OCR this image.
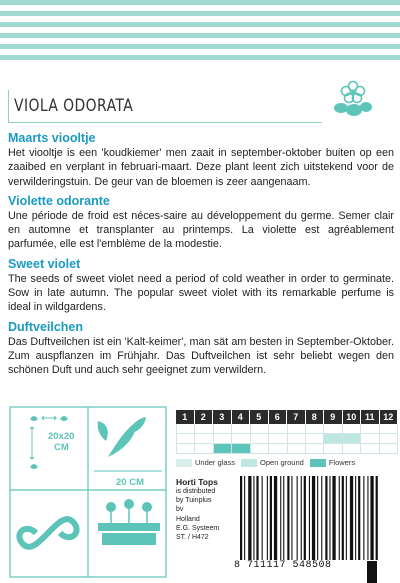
VIOLA ODORATA
Maarts viooltje
Het viooltje is een 'koudkiemer' men zaait in september-oktober buiten op een zaaibed en verplant in februari-maart. Deze plant leent zich uitstekend voor de verwilderingstuin. De geur van de bloemen is zeer aangenaam.
Violette odorante
Une période de froid est néces-saire au développement du germe. Semer clair en automne et transplanter au printemps. La violette est agréablement parfumée, elle est l'emblème de la modestie.
Sweet violet
The seeds of sweet violet need a period of cold weather in order to germinate. Sow in late autumn. The popular sweet violet with its remarkable perfume is ideal in wildgardens.
Duftveilchen
Das Duftveilchen ist ein 'Kalt-keimer', man sät am besten in September-Oktober. Zum auspflanzen im Frühjahr. Das Duftveilchen ist sehr beliebt wegen den schönen Duft und auch sehr geeignet zum verwildern.
20x20
CM
20 CM
1	2	3	4	5	6	7	8	9	10 11 12
Under glass	Open ground	Flowers
Horti Tops
is distributed
by Tuinplus bv
Holland
E.G. Systeem
ST. / H472
8 711117 548508
